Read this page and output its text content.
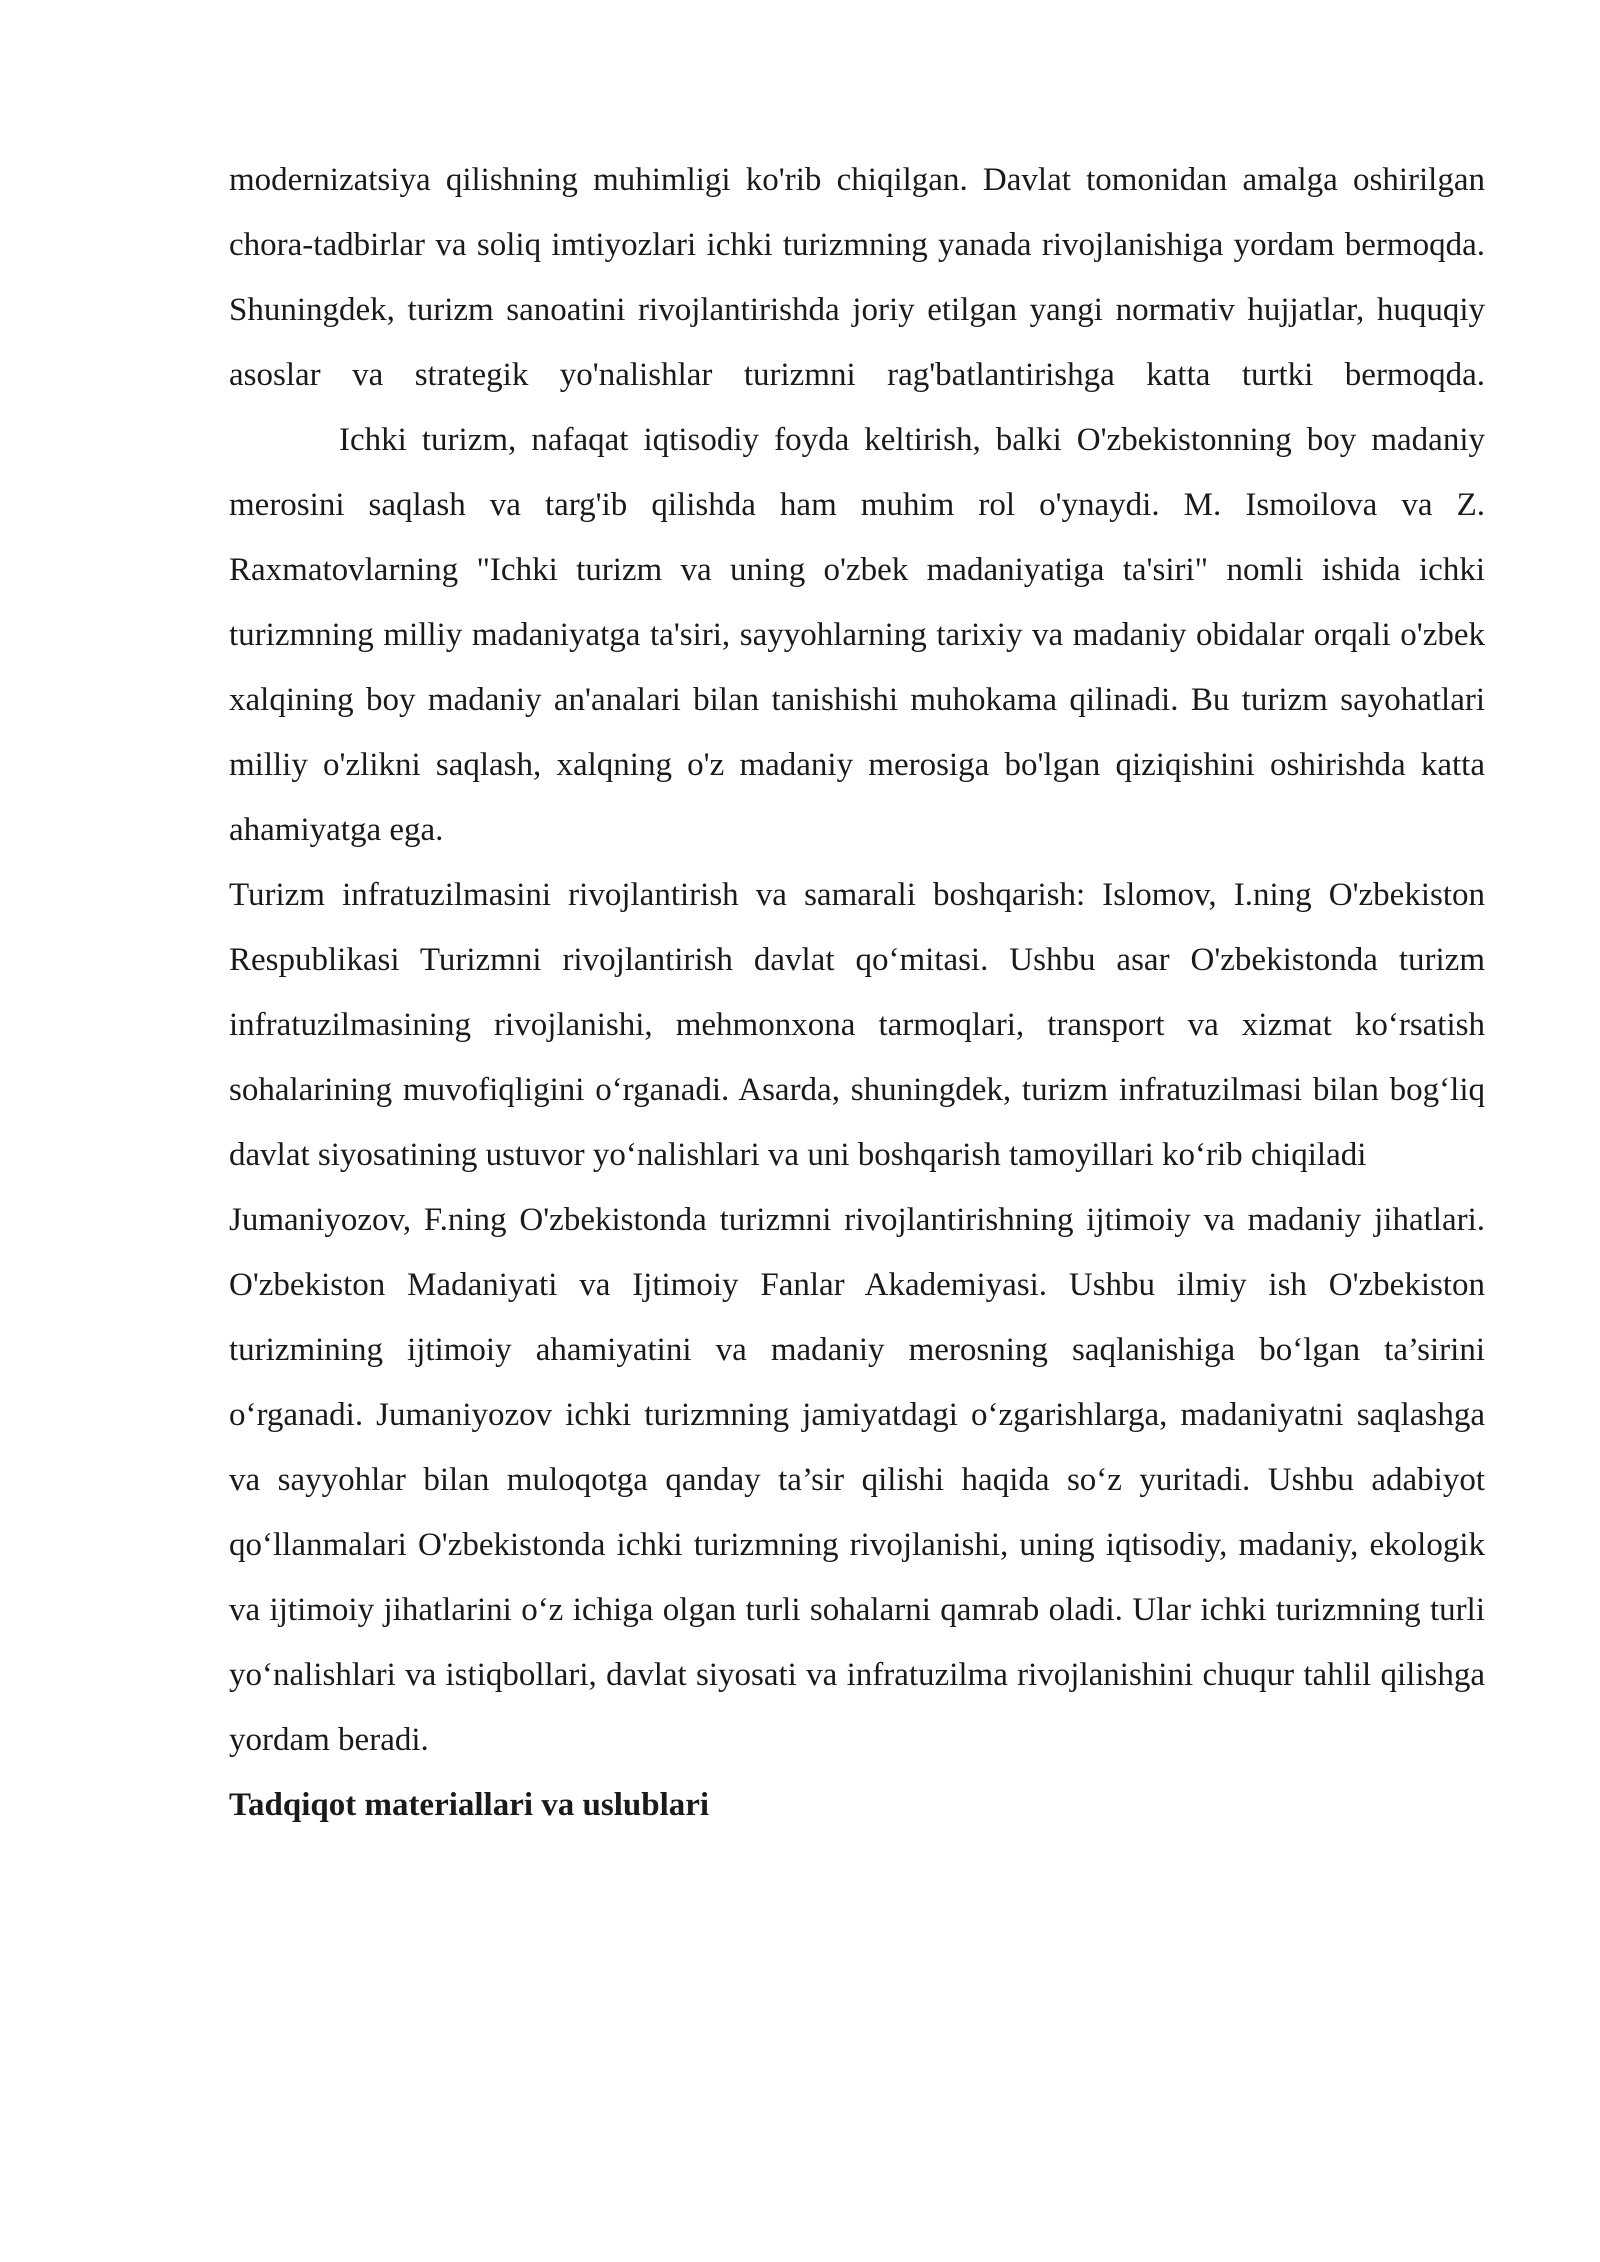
modernizatsiya qilishning muhimligi ko'rib chiqilgan. Davlat tomonidan amalga oshirilgan chora-tadbirlar va soliq imtiyozlari ichki turizmning yanada rivojlanishiga yordam bermoqda. Shuningdek, turizm sanoatini rivojlantirishda joriy etilgan yangi normativ hujjatlar, huquqiy asoslar va strategik yo'nalishlar turizmni rag'batlantirishga katta turtki bermoqda.

Ichki turizm, nafaqat iqtisodiy foyda keltirish, balki O'zbekistonning boy madaniy merosini saqlash va targ'ib qilishda ham muhim rol o'ynaydi. M. Ismoilova va Z. Raxmatovlarning "Ichki turizm va uning o'zbek madaniyatiga ta'siri" nomli ishida ichki turizmning milliy madaniyatga ta'siri, sayyohlarning tarixiy va madaniy obidalar orqali o'zbek xalqining boy madaniy an'analari bilan tanishishi muhokama qilinadi. Bu turizm sayohatlari milliy o'zlikni saqlash, xalqning o'z madaniy merosiga bo'lgan qiziqishini oshirishda katta ahamiyatga ega.

Turizm infratuzilmasini rivojlantirish va samarali boshqarish: Islomov, I.ning O'zbekiston Respublikasi Turizmni rivojlantirish davlat qo‘mitasi. Ushbu asar O'zbekistonda turizm infratuzilmasining rivojlanishi, mehmonxona tarmoqlari, transport va xizmat ko‘rsatish sohalarining muvofiqligini o‘rganadi. Asarda, shuningdek, turizm infratuzilmasi bilan bog‘liq davlat siyosatining ustuvor yo‘nalishlari va uni boshqarish tamoyillari ko‘rib chiqiladi

Jumaniyozov, F.ning O'zbekistonda turizmni rivojlantirishning ijtimoiy va madaniy jihatlari. O'zbekiston Madaniyati va Ijtimoiy Fanlar Akademiyasi. Ushbu ilmiy ish O'zbekiston turizmining ijtimoiy ahamiyatini va madaniy merosning saqlanishiga bo‘lgan ta’sirini o‘rganadi. Jumaniyozov ichki turizmning jamiyatdagi o‘zgarishlarga, madaniyatni saqlashga va sayyohlar bilan muloqotga qanday ta’sir qilishi haqida so‘z yuritadi. Ushbu adabiyot qo‘llanmalari O'zbekistonda ichki turizmning rivojlanishi, uning iqtisodiy, madaniy, ekologik va ijtimoiy jihatlarini o‘z ichiga olgan turli sohalarni qamrab oladi. Ular ichki turizmning turli yo‘nalishlari va istiqbollari, davlat siyosati va infratuzilma rivojlanishini chuqur tahlil qilishga yordam beradi.

Tadqiqot materiallari va uslublari
